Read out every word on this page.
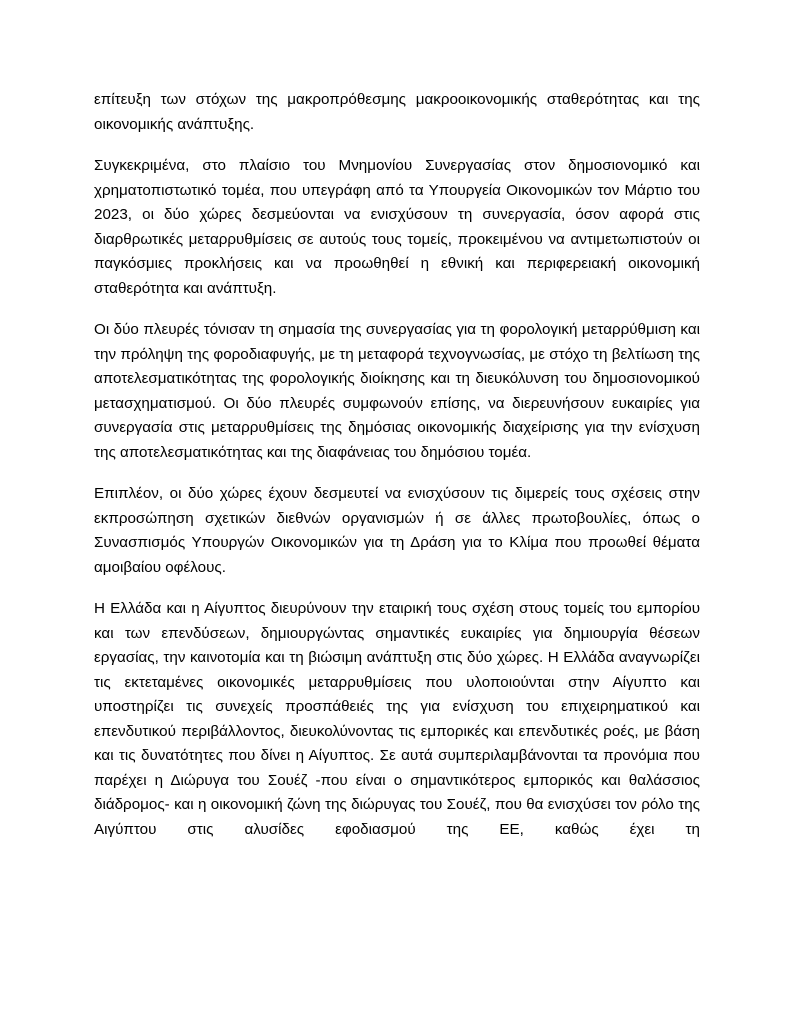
επίτευξη των στόχων της μακροπρόθεσμης μακροοικονομικής σταθερότητας και της οικονομικής ανάπτυξης.

Συγκεκριμένα, στο πλαίσιο του Μνημονίου Συνεργασίας στον δημοσιονομικό και χρηματοπιστωτικό τομέα, που υπεγράφη από τα Υπουργεία Οικονομικών τον Μάρτιο του 2023, οι δύο χώρες δεσμεύονται να ενισχύσουν τη συνεργασία, όσον αφορά στις διαρθρωτικές μεταρρυθμίσεις σε αυτούς τους τομείς, προκειμένου να αντιμετωπιστούν οι παγκόσμιες προκλήσεις και να προωθηθεί η εθνική και περιφερειακή οικονομική σταθερότητα και ανάπτυξη.

Οι δύο πλευρές τόνισαν τη σημασία της συνεργασίας για τη φορολογική μεταρρύθμιση και την πρόληψη της φοροδιαφυγής, με τη μεταφορά τεχνογνωσίας, με στόχο τη βελτίωση της αποτελεσματικότητας της φορολογικής διοίκησης και τη διευκόλυνση του δημοσιονομικού μετασχηματισμού. Οι δύο πλευρές συμφωνούν επίσης, να διερευνήσουν ευκαιρίες για συνεργασία στις μεταρρυθμίσεις της δημόσιας οικονομικής διαχείρισης για την ενίσχυση της αποτελεσματικότητας και της διαφάνειας του δημόσιου τομέα.

Επιπλέον, οι δύο χώρες έχουν δεσμευτεί να ενισχύσουν τις διμερείς τους σχέσεις στην εκπροσώπηση σχετικών διεθνών οργανισμών ή σε άλλες πρωτοβουλίες, όπως ο Συνασπισμός Υπουργών Οικονομικών για τη Δράση για το Κλίμα που προωθεί θέματα αμοιβαίου οφέλους.

Η Ελλάδα και η Αίγυπτος διευρύνουν την εταιρική τους σχέση στους τομείς του εμπορίου και των επενδύσεων, δημιουργώντας σημαντικές ευκαιρίες για δημιουργία θέσεων εργασίας, την καινοτομία και τη βιώσιμη ανάπτυξη στις δύο χώρες. Η Ελλάδα αναγνωρίζει τις εκτεταμένες οικονομικές μεταρρυθμίσεις που υλοποιούνται στην Αίγυπτο και υποστηρίζει τις συνεχείς προσπάθειές της για ενίσχυση του επιχειρηματικού και επενδυτικού περιβάλλοντος, διευκολύνοντας τις εμπορικές και επενδυτικές ροές, με βάση και τις δυνατότητες που δίνει η Αίγυπτος. Σε αυτά συμπεριλαμβάνονται τα προνόμια που παρέχει η Διώρυγα του Σουέζ -που είναι ο σημαντικότερος εμπορικός και θαλάσσιος διάδρομος- και η οικονομική ζώνη της διώρυγας του Σουέζ, που θα ενισχύσει τον ρόλο της Αιγύπτου στις αλυσίδες εφοδιασμού της ΕΕ, καθώς έχει τη
